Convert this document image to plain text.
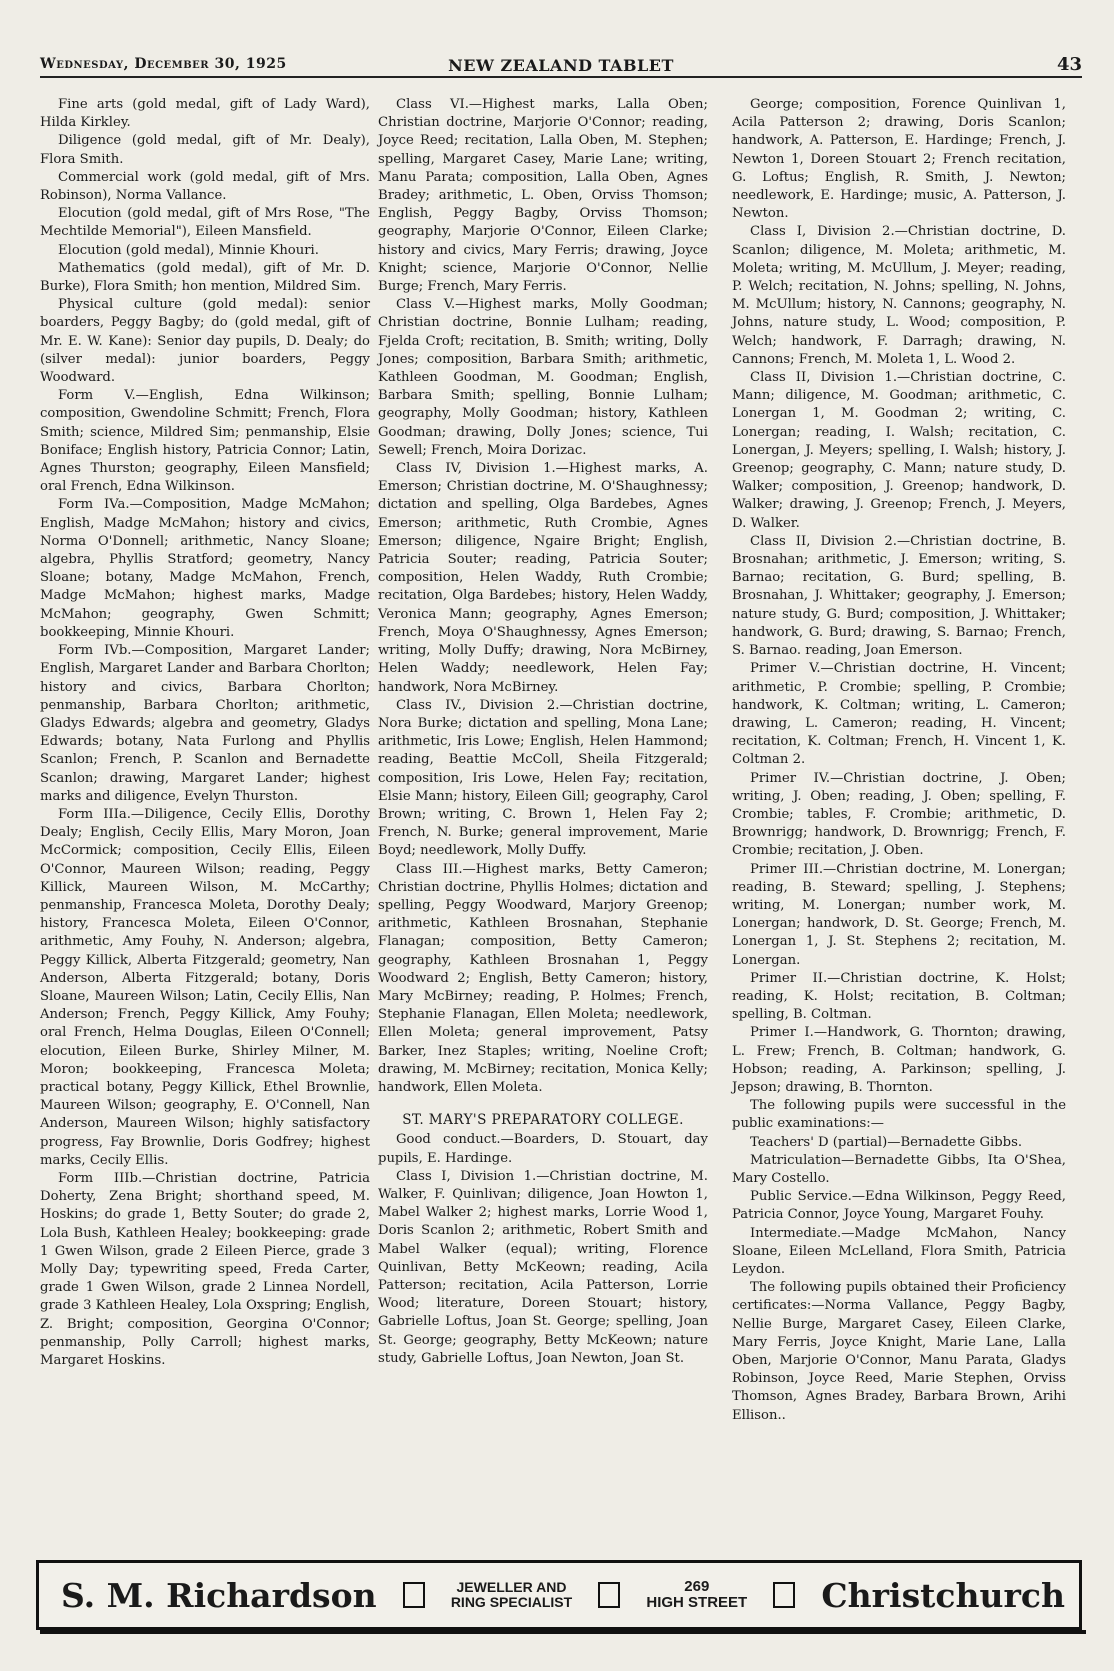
Wednesday, December 30, 1925	NEW ZEALAND TABLET	43

Fine arts (gold medal, gift of Lady Ward), Hilda Kirkley.

Diligence (gold medal, gift of Mr. Dealy), Flora Smith.

Commercial work (gold medal, gift of Mrs. Robinson), Norma Vallance.

Elocution (gold medal, gift of Mrs Rose, "The Mechtilde Memorial"), Eileen Mansfield.

Elocution (gold medal), Minnie Khouri.

Mathematics (gold medal), gift of Mr. D. Burke), Flora Smith; hon mention, Mildred Sim.

Physical culture (gold medal): senior boarders, Peggy Bagby; do (gold medal, gift of Mr. E. W. Kane): Senior day pupils, D. Dealy; do (silver medal): junior boarders, Peggy Woodward.

Form V.—English, Edna Wilkinson; composition, Gwendoline Schmitt; French, Flora Smith; science, Mildred Sim; penmanship, Elsie Boniface; English history, Patricia Connor; Latin, Agnes Thurston; geography, Eileen Mansfield; oral French, Edna Wilkinson.

Form IVa.—Composition, Madge McMahon; English, Madge McMahon; history and civics, Norma O'Donnell; arithmetic, Nancy Sloane; algebra, Phyllis Stratford; geometry, Nancy Sloane; botany, Madge McMahon, French, Madge McMahon; highest marks, Madge McMahon; geography, Gwen Schmitt; bookkeeping, Minnie Khouri.

Form IVb.—Composition, Margaret Lander; English, Margaret Lander and Barbara Chorlton; history and civics, Barbara Chorlton; penmanship, Barbara Chorlton; arithmetic, Gladys Edwards; algebra and geometry, Gladys Edwards; botany, Nata Furlong and Phyllis Scanlon; French, P. Scanlon and Bernadette Scanlon; drawing, Margaret Lander; highest marks and diligence, Evelyn Thurston.

Form IIIa.—Diligence, Cecily Ellis, Dorothy Dealy; English, Cecily Ellis, Mary Moron, Joan McCormick; composition, Cecily Ellis, Eileen O'Connor, Maureen Wilson; reading, Peggy Killick, Maureen Wilson, M. McCarthy; penmanship, Francesca Moleta, Dorothy Dealy; history, Francesca Moleta, Eileen O'Connor, arithmetic, Amy Fouhy, N. Anderson; algebra, Peggy Killick, Alberta Fitzgerald; geometry, Nan Anderson, Alberta Fitzgerald; botany, Doris Sloane, Maureen Wilson; Latin, Cecily Ellis, Nan Anderson; French, Peggy Killick, Amy Fouhy; oral French, Helma Douglas, Eileen O'Connell; elocution, Eileen Burke, Shirley Milner, M. Moron; bookkeeping, Francesca Moleta; practical botany, Peggy Killick, Ethel Brownlie, Maureen Wilson; geography, E. O'Connell, Nan Anderson, Maureen Wilson; highly satisfactory progress, Fay Brownlie, Doris Godfrey; highest marks, Cecily Ellis.

Form IIIb.—Christian doctrine, Patricia Doherty, Zena Bright; shorthand speed, M. Hoskins; do grade 1, Betty Souter; do grade 2, Lola Bush, Kathleen Healey; bookkeeping: grade 1 Gwen Wilson, grade 2 Eileen Pierce, grade 3 Molly Day; typewriting speed, Freda Carter, grade 1 Gwen Wilson, grade 2 Linnea Nordell, grade 3 Kathleen Healey, Lola Oxspring; English, Z. Bright; composition, Georgina O'Connor; penmanship, Polly Carroll; highest marks, Margaret Hoskins.

Class VI.—Highest marks, Lalla Oben; Christian doctrine, Marjorie O'Connor; reading, Joyce Reed; recitation, Lalla Oben, M. Stephen; spelling, Margaret Casey, Marie Lane; writing, Manu Parata; composition, Lalla Oben, Agnes Bradey; arithmetic, L. Oben, Orviss Thomson; English, Peggy Bagby, Orviss Thomson; geography, Marjorie O'Connor, Eileen Clarke; history and civics, Mary Ferris; drawing, Joyce Knight; science, Marjorie O'Connor, Nellie Burge; French, Mary Ferris.

Class V.—Highest marks, Molly Goodman; Christian doctrine, Bonnie Lulham; reading, Fjelda Croft; recitation, B. Smith; writing, Dolly Jones; composition, Barbara Smith; arithmetic, Kathleen Goodman, M. Goodman; English, Barbara Smith; spelling, Bonnie Lulham; geography, Molly Goodman; history, Kathleen Goodman; drawing, Dolly Jones; science, Tui Sewell; French, Moira Dorizac.

Class IV, Division 1.—Highest marks, A. Emerson; Christian doctrine, M. O'Shaughnessy; dictation and spelling, Olga Bardebes, Agnes Emerson; arithmetic, Ruth Crombie, Agnes Emerson; diligence, Ngaire Bright; English, Patricia Souter; reading, Patricia Souter; composition, Helen Waddy, Ruth Crombie; recitation, Olga Bardebes; history, Helen Waddy, Veronica Mann; geography, Agnes Emerson; French, Moya O'Shaughnessy, Agnes Emerson; writing, Molly Duffy; drawing, Nora McBirney, Helen Waddy; needlework, Helen Fay; handwork, Nora McBirney.

Class IV., Division 2.—Christian doctrine, Nora Burke; dictation and spelling, Mona Lane; arithmetic, Iris Lowe; English, Helen Hammond; reading, Beattie McColl, Sheila Fitzgerald; composition, Iris Lowe, Helen Fay; recitation, Elsie Mann; history, Eileen Gill; geography, Carol Brown; writing, C. Brown 1, Helen Fay 2; French, N. Burke; general improvement, Marie Boyd; needlework, Molly Duffy.

Class III.—Highest marks, Betty Cameron; Christian doctrine, Phyllis Holmes; dictation and spelling, Peggy Woodward, Marjory Greenop; arithmetic, Kathleen Brosnahan, Stephanie Flanagan; composition, Betty Cameron; geography, Kathleen Brosnahan 1, Peggy Woodward 2; English, Betty Cameron; history, Mary McBirney; reading, P. Holmes; French, Stephanie Flanagan, Ellen Moleta; needlework, Ellen Moleta; general improvement, Patsy Barker, Inez Staples; writing, Noeline Croft; drawing, M. McBirney; recitation, Monica Kelly; handwork, Ellen Moleta.

ST. MARY'S PREPARATORY COLLEGE.

Good conduct.—Boarders, D. Stouart, day pupils, E. Hardinge.

Class I, Division 1.—Christian doctrine, M. Walker, F. Quinlivan; diligence, Joan Howton 1, Mabel Walker 2; highest marks, Lorrie Wood 1, Doris Scanlon 2; arithmetic, Robert Smith and Mabel Walker (equal); writing, Florence Quinlivan, Betty McKeown; reading, Acila Patterson; recitation, Acila Patterson, Lorrie Wood; literature, Doreen Stouart; history, Gabrielle Loftus, Joan St. George; spelling, Joan St. George; geography, Betty McKeown; nature study, Gabrielle Loftus, Joan Newton, Joan St.

George; composition, Forence Quinlivan 1, Acila Patterson 2; drawing, Doris Scanlon; handwork, A. Patterson, E. Hardinge; French, J. Newton 1, Doreen Stouart 2; French recitation, G. Loftus; English, R. Smith, J. Newton; needlework, E. Hardinge; music, A. Patterson, J. Newton.

Class I, Division 2.—Christian doctrine, D. Scanlon; diligence, M. Moleta; arithmetic, M. Moleta; writing, M. McUllum, J. Meyer; reading, P. Welch; recitation, N. Johns; spelling, N. Johns, M. McUllum; history, N. Cannons; geography, N. Johns, nature study, L. Wood; composition, P. Welch; handwork, F. Darragh; drawing, N. Cannons; French, M. Moleta 1, L. Wood 2.

Class II, Division 1.—Christian doctrine, C. Mann; diligence, M. Goodman; arithmetic, C. Lonergan 1, M. Goodman 2; writing, C. Lonergan; reading, I. Walsh; recitation, C. Lonergan, J. Meyers; spelling, I. Walsh; history, J. Greenop; geography, C. Mann; nature study, D. Walker; composition, J. Greenop; handwork, D. Walker; drawing, J. Greenop; French, J. Meyers, D. Walker.

Class II, Division 2.—Christian doctrine, B. Brosnahan; arithmetic, J. Emerson; writing, S. Barnao; recitation, G. Burd; spelling, B. Brosnahan, J. Whittaker; geography, J. Emerson; nature study, G. Burd; composition, J. Whittaker; handwork, G. Burd; drawing, S. Barnao; French, S. Barnao. reading, Joan Emerson.

Primer V.—Christian doctrine, H. Vincent; arithmetic, P. Crombie; spelling, P. Crombie; handwork, K. Coltman; writing, L. Cameron; drawing, L. Cameron; reading, H. Vincent; recitation, K. Coltman; French, H. Vincent 1, K. Coltman 2.

Primer IV.—Christian doctrine, J. Oben; writing, J. Oben; reading, J. Oben; spelling, F. Crombie; tables, F. Crombie; arithmetic, D. Brownrigg; handwork, D. Brownrigg; French, F. Crombie; recitation, J. Oben.

Primer III.—Christian doctrine, M. Lonergan; reading, B. Steward; spelling, J. Stephens; writing, M. Lonergan; number work, M. Lonergan; handwork, D. St. George; French, M. Lonergan 1, J. St. Stephens 2; recitation, M. Lonergan.

Primer II.—Christian doctrine, K. Holst; reading, K. Holst; recitation, B. Coltman; spelling, B. Coltman.

Primer I.—Handwork, G. Thornton; drawing, L. Frew; French, B. Coltman; handwork, G. Hobson; reading, A. Parkinson; spelling, J. Jepson; drawing, B. Thornton.

The following pupils were successful in the public examinations:—

Teachers' D (partial)—Bernadette Gibbs.

Matriculation—Bernadette Gibbs, Ita O'Shea, Mary Costello.

Public Service.—Edna Wilkinson, Peggy Reed, Patricia Connor, Joyce Young, Margaret Fouhy.

Intermediate.—Madge McMahon, Nancy Sloane, Eileen McLelland, Flora Smith, Patricia Leydon.

The following pupils obtained their Proficiency certificates:—Norma Vallance, Peggy Bagby, Nellie Burge, Margaret Casey, Eileen Clarke, Mary Ferris, Joyce Knight, Marie Lane, Lalla Oben, Marjorie O'Connor, Manu Parata, Gladys Robinson, Joyce Reed, Marie Stephen, Orviss Thomson, Agnes Bradey, Barbara Brown, Arihi Ellison..

S. M. Richardson	JEWELLER AND
RING SPECIALIST
269
HIGH STREET Christchurch
